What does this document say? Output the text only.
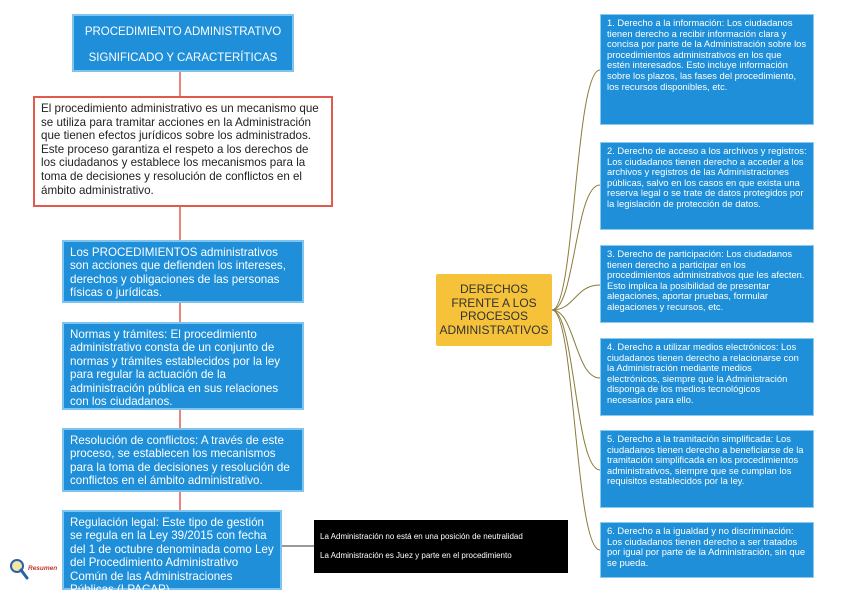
PROCEDIMIENTO ADMINISTRATIVO
SIGNIFICADO Y CARACTERÍTICAS
El procedimiento administrativo es un mecanismo que se utiliza para tramitar acciones en la Administración que tienen efectos jurídicos sobre los administrados. Este proceso garantiza el respeto a los derechos de los ciudadanos y establece los mecanismos para la toma de decisiones y resolución de conflictos en el ámbito administrativo.
Los PROCEDIMIENTOS administrativos son acciones que defienden los intereses, derechos y obligaciones de las personas físicas o jurídicas.
Normas y trámites: El procedimiento administrativo consta de un conjunto de normas y trámites establecidos por la ley para regular la actuación de la administración pública en sus relaciones con los ciudadanos.
Resolución de conflictos: A través de este proceso, se establecen los mecanismos para la toma de decisiones y resolución de conflictos en el ámbito administrativo.
Regulación legal: Este tipo de gestión se regula en la Ley 39/2015 con fecha del 1 de octubre denominada como Ley del Procedimiento Administrativo Común de las Administraciones Públicas (LPACAP).
La Administración no está en una posición de neutralidad
La Administración es Juez y parte en el procedimiento
DERECHOS FRENTE A LOS PROCESOS ADMINISTRATIVOS
1. Derecho a la información: Los ciudadanos tienen derecho a recibir información clara y concisa por parte de la Administración sobre los procedimientos administrativos en los que estén interesados. Esto incluye información sobre los plazos, las fases del procedimiento, los recursos disponibles, etc.
2. Derecho de acceso a los archivos y registros: Los ciudadanos tienen derecho a acceder a los archivos y registros de las Administraciones públicas, salvo en los casos en que exista una reserva legal o se trate de datos protegidos por la legislación de protección de datos.
3. Derecho de participación: Los ciudadanos tienen derecho a participar en los procedimientos administrativos que les afecten. Esto implica la posibilidad de presentar alegaciones, aportar pruebas, formular alegaciones y recursos, etc.
4. Derecho a utilizar medios electrónicos: Los ciudadanos tienen derecho a relacionarse con la Administración mediante medios electrónicos, siempre que la Administración disponga de los medios tecnológicos necesarios para ello.
5. Derecho a la tramitación simplificada: Los ciudadanos tienen derecho a beneficiarse de la tramitación simplificada en los procedimientos administrativos, siempre que se cumplan los requisitos establecidos por la ley.
6. Derecho a la igualdad y no discriminación: Los ciudadanos tienen derecho a ser tratados por igual por parte de la Administración, sin que se pueda.
Resumen
